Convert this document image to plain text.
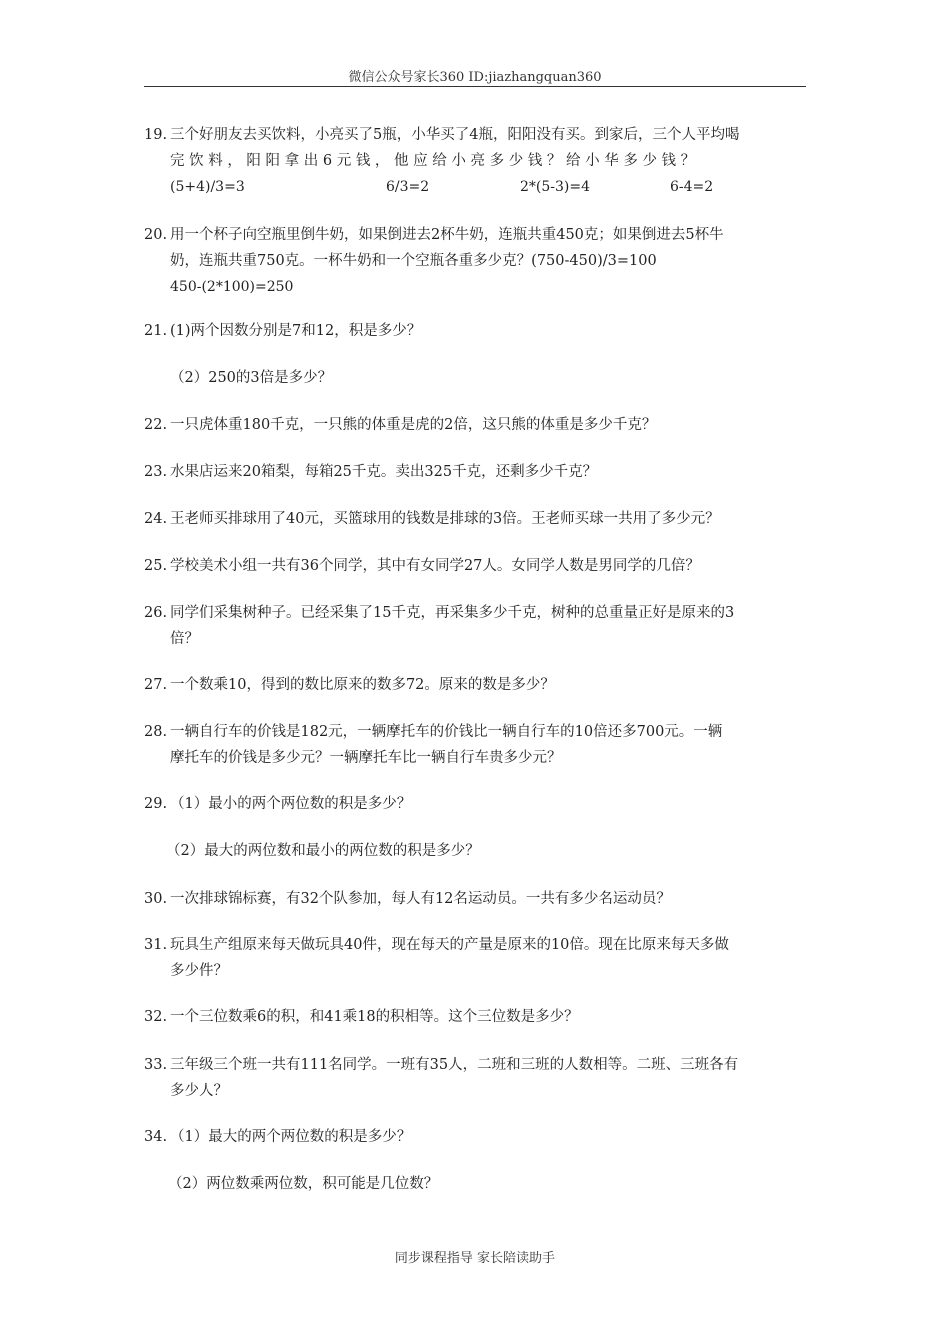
微信公众号家长360 ID:jiazhangquan360
19. 三个好朋友去买饮料，小亮买了5瓶，小华买了4瓶，阳阳没有买。到家后，三个人平均喝
完 饮 料 ， 阳 阳 拿 出 6 元 钱 ， 他 应 给 小 亮 多 少 钱 ？ 给 小 华 多 少 钱 ？
(5+4)/3=3	6/3=2	2*(5-3)=4	6-4=2
20. 用一个杯子向空瓶里倒牛奶，如果倒进去2杯牛奶，连瓶共重450克；如果倒进去5杯牛
奶，连瓶共重750克。一杯牛奶和一个空瓶各重多少克？(750-450)/3=100
450-(2*100)=250
21. (1)两个因数分别是7和12，积是多少？
（2）250的3倍是多少？
22. 一只虎体重180千克，一只熊的体重是虎的2倍，这只熊的体重是多少千克？
23. 水果店运来20箱梨，每箱25千克。卖出325千克，还剩多少千克？
24. 王老师买排球用了40元，买篮球用的钱数是排球的3倍。王老师买球一共用了多少元？
25. 学校美术小组一共有36个同学，其中有女同学27人。女同学人数是男同学的几倍？
26. 同学们采集树种子。已经采集了15千克，再采集多少千克，树种的总重量正好是原来的3
倍？
27. 一个数乘10，得到的数比原来的数多72。原来的数是多少？
28. 一辆自行车的价钱是182元，一辆摩托车的价钱比一辆自行车的10倍还多700元。一辆
摩托车的价钱是多少元？一辆摩托车比一辆自行车贵多少元？
29. （1）最小的两个两位数的积是多少？
（2）最大的两位数和最小的两位数的积是多少？
30. 一次排球锦标赛，有32个队参加，每人有12名运动员。一共有多少名运动员？
31. 玩具生产组原来每天做玩具40件，现在每天的产量是原来的10倍。现在比原来每天多做
多少件？
32. 一个三位数乘6的积，和41乘18的积相等。这个三位数是多少？
33. 三年级三个班一共有111名同学。一班有35人，二班和三班的人数相等。二班、三班各有
多少人？
34. （1）最大的两个两位数的积是多少？
（2）两位数乘两位数，积可能是几位数？
同步课程指导 家长陪读助手
